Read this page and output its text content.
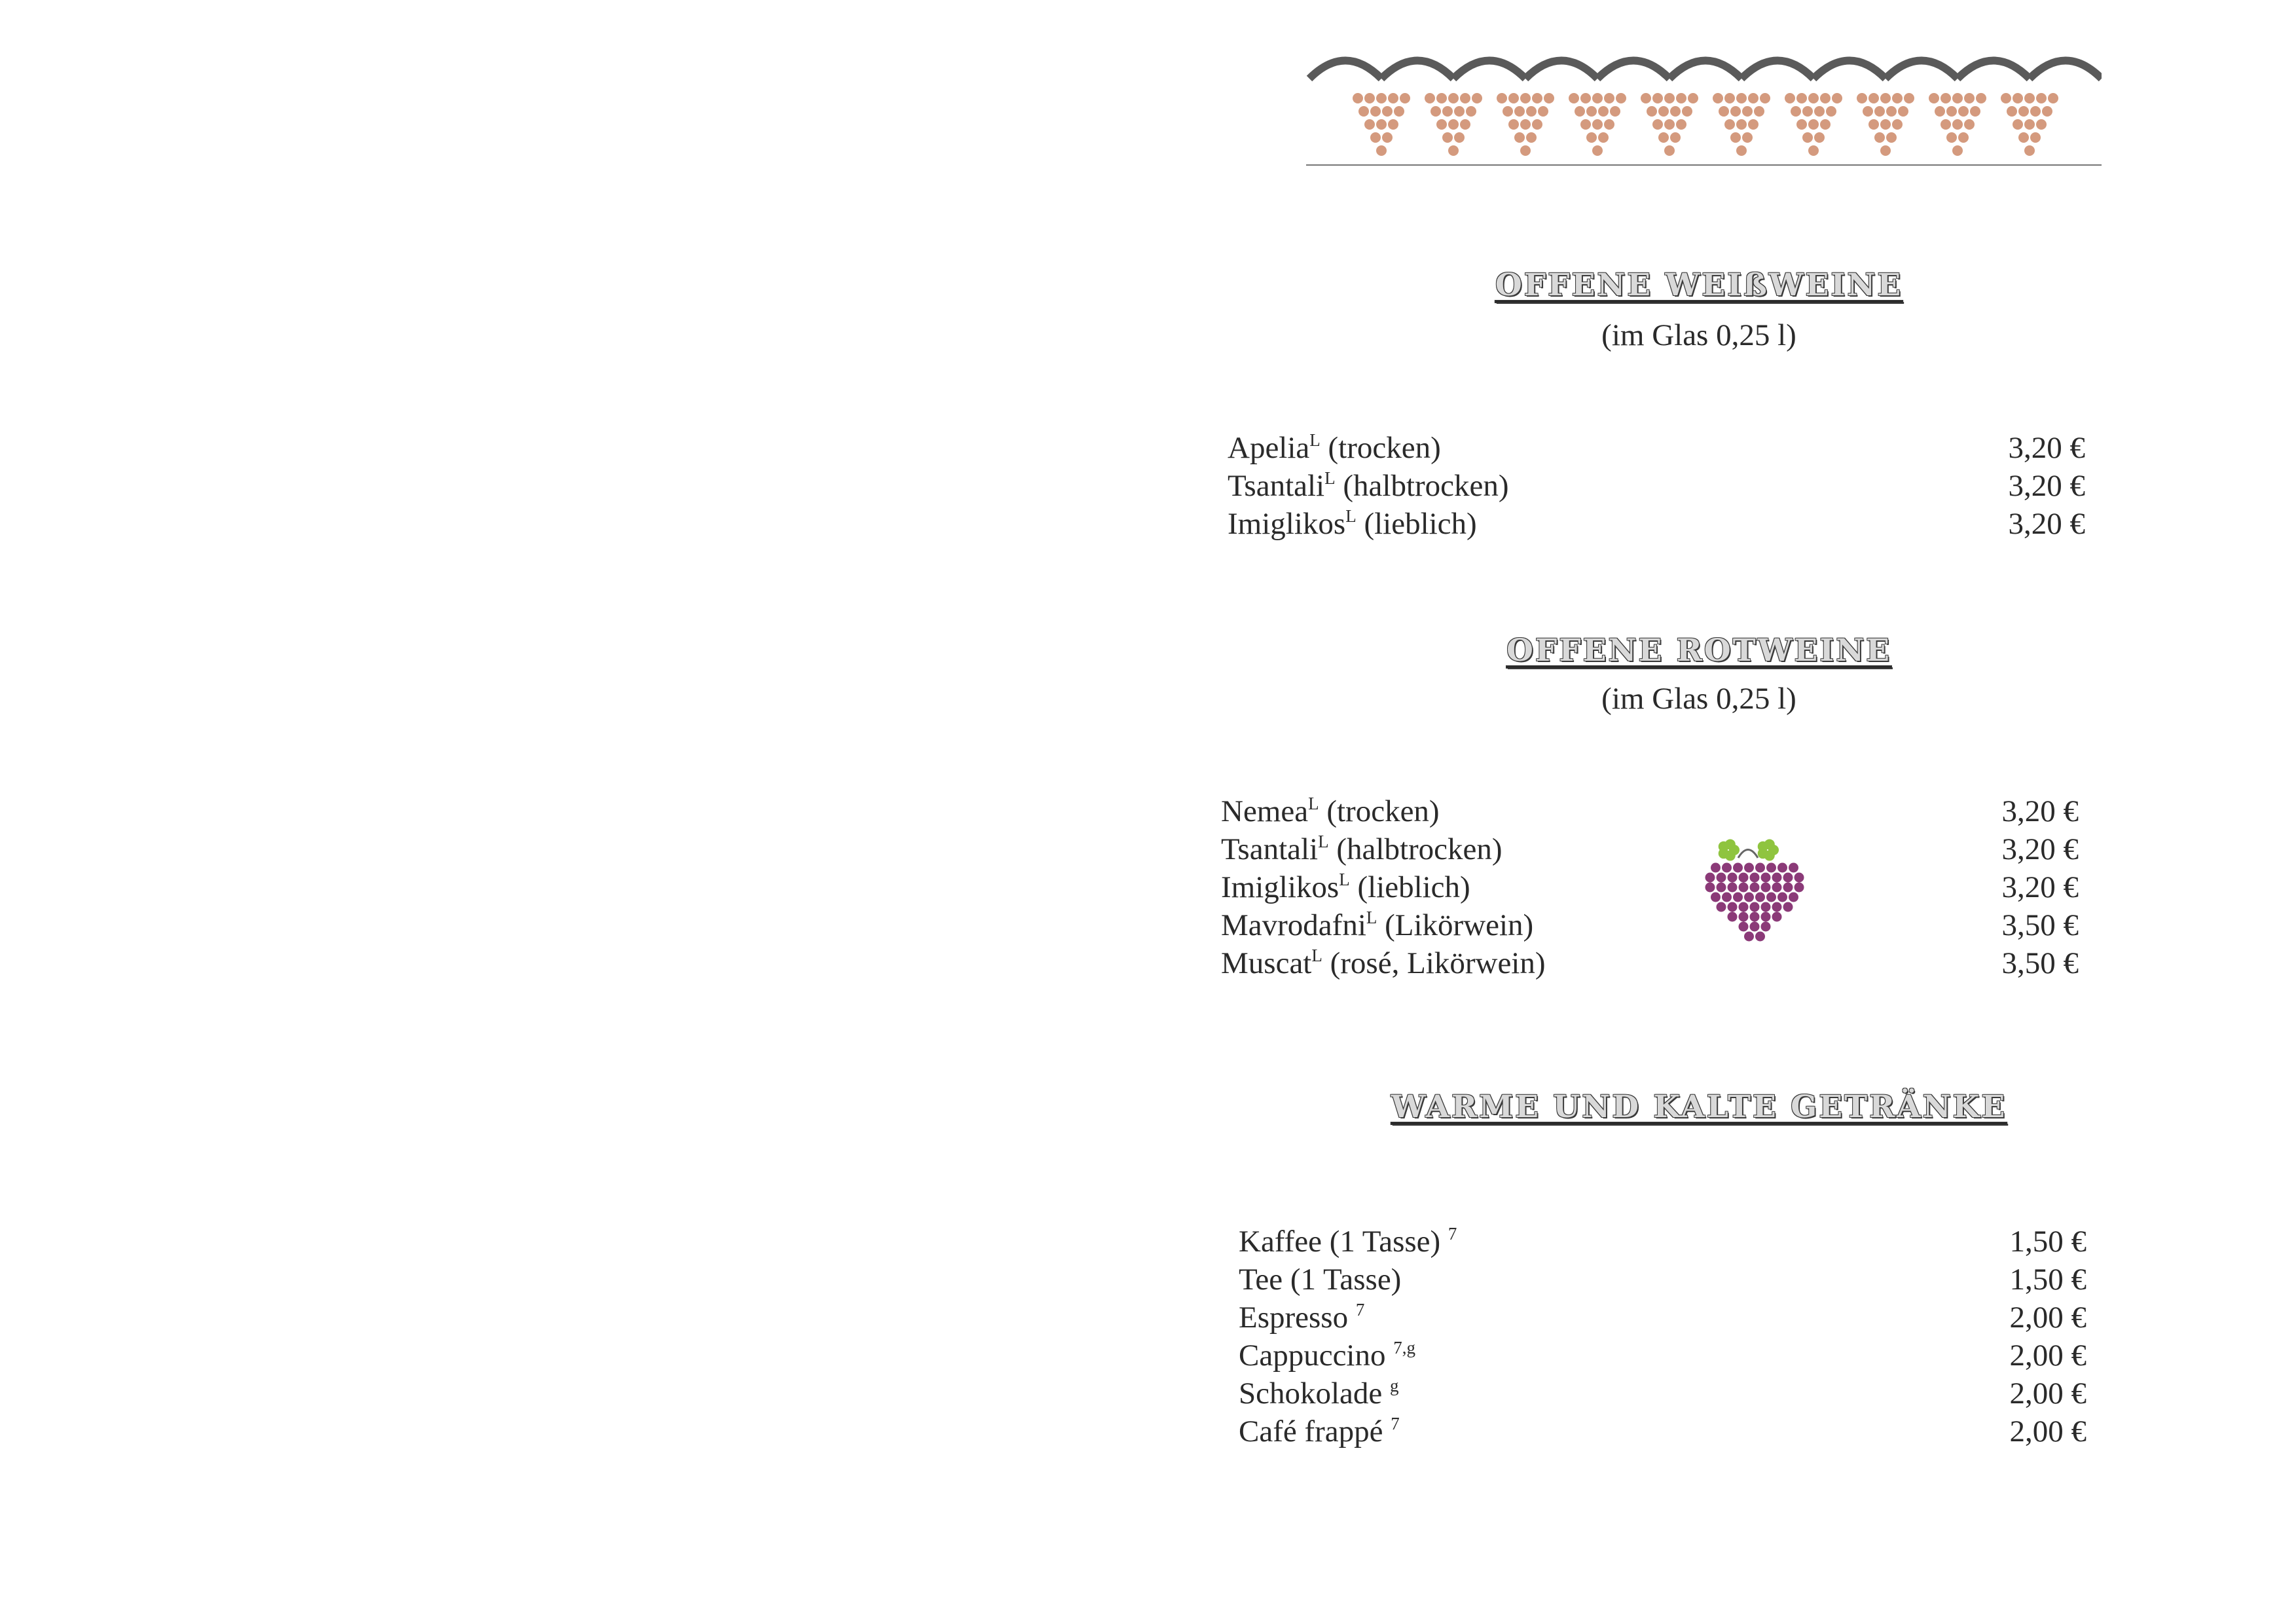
OFFENE WEIßWEINE
(im Glas 0,25 l)
Apelia$^L$ (trocken)	3,20 €
Tsantali$^L$ (halbtrocken)	3,20 €
Imiglikos$^L$ (lieblich)	3,20 €
OFFENE ROTWEINE
(im Glas 0,25 l)
Nemea$^L$ (trocken)	3,20 €
Tsantali$^L$ (halbtrocken)	3,20 €
Imiglikos$^L$ (lieblich)	3,20 €
Mavrodafni$^L$ (Likörwein)	3,50 €
Muscat$^L$ (rosé, Likörwein)	3,50 €
WARME UND KALTE GETRÄNKE
Kaffee (1 Tasse) $^7$	1,50 €
Tee (1 Tasse)	1,50 €
Espresso $^7$	2,00 €
Cappuccino $^{7,g}$	2,00 €
Schokolade $^g$	2,00 €
Café frappé $^7$	2,00 €
